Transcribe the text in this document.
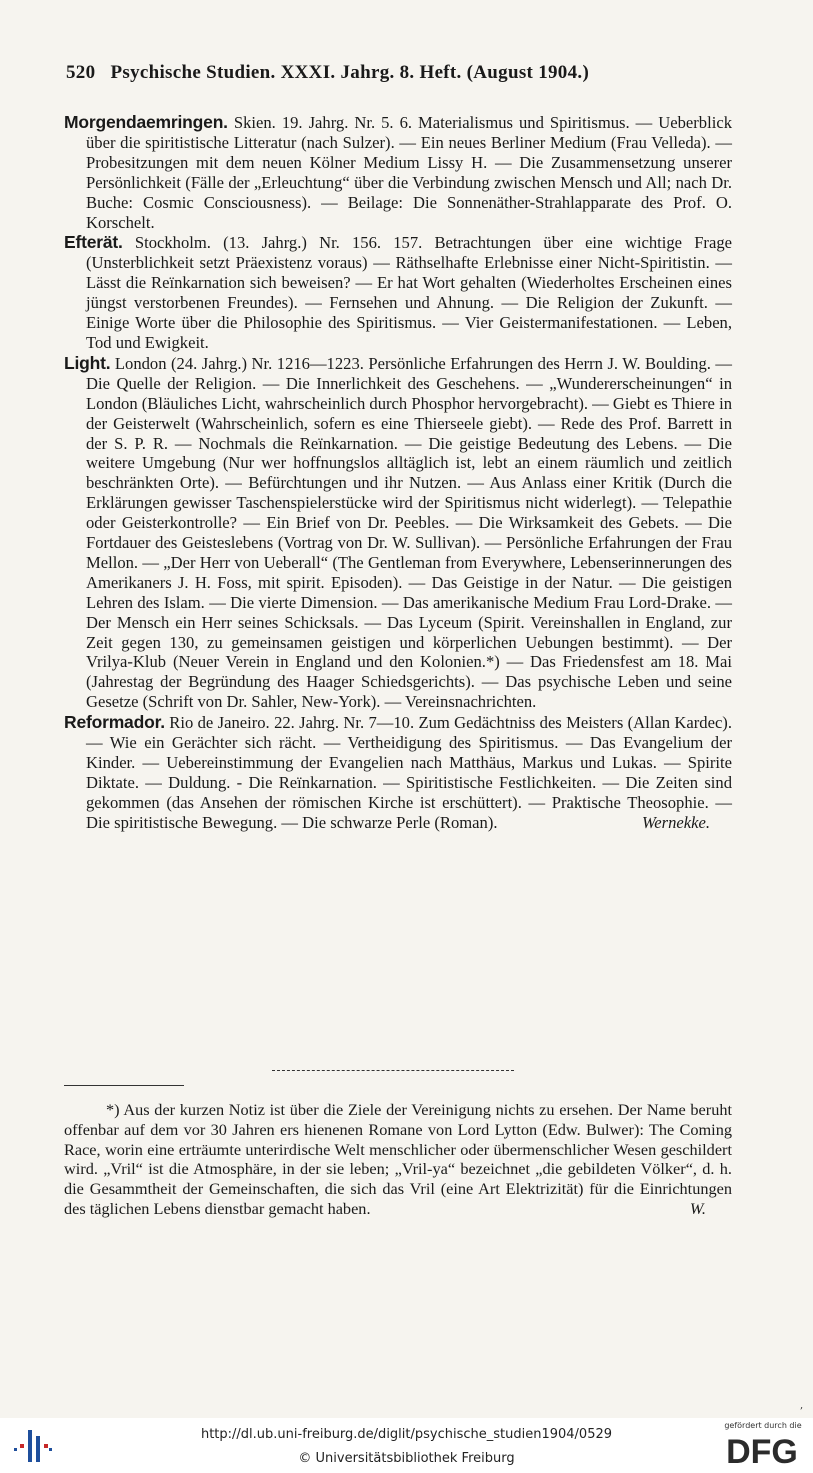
520 Psychische Studien. XXXI. Jahrg. 8. Heft. (August 1904.)

Morgendaemringen. Skien. 19. Jahrg. Nr. 5. 6. Materialismus und Spiritismus. — Ueberblick über die spiritistische Litteratur (nach Sulzer). — Ein neues Berliner Medium (Frau Velleda). — Probesitzungen mit dem neuen Kölner Medium Lissy H. — Die Zusammensetzung unserer Persönlichkeit (Fälle der „Erleuchtung“ über die Verbindung zwischen Mensch und All; nach Dr. Buche: Cosmic Consciousness). — Beilage: Die Sonnenäther-Strahlapparate des Prof. O. Korschelt.

Efterät. Stockholm. (13. Jahrg.) Nr. 156. 157. Betrachtungen über eine wichtige Frage (Unsterblichkeit setzt Präexistenz voraus) — Räthselhafte Erlebnisse einer Nicht-Spiritistin. — Lässt die Reïnkarnation sich beweisen? — Er hat Wort gehalten (Wiederholtes Erscheinen eines jüngst verstorbenen Freundes). — Fernsehen und Ahnung. — Die Religion der Zukunft. — Einige Worte über die Philosophie des Spiritismus. — Vier Geistermanifestationen. — Leben, Tod und Ewigkeit.

Light. London (24. Jahrg.) Nr. 1216—1223. Persönliche Erfahrungen des Herrn J. W. Boulding. — Die Quelle der Religion. — Die Innerlichkeit des Geschehens. — „Wundererscheinungen“ in London (Bläuliches Licht, wahrscheinlich durch Phosphor hervorgebracht). — Giebt es Thiere in der Geisterwelt (Wahrscheinlich, sofern es eine Thierseele giebt). — Rede des Prof. Barrett in der S. P. R. — Nochmals die Reïnkarnation. — Die geistige Bedeutung des Lebens. — Die weitere Umgebung (Nur wer hoffnungslos alltäglich ist, lebt an einem räumlich und zeitlich beschränkten Orte). — Befürchtungen und ihr Nutzen. — Aus Anlass einer Kritik (Durch die Erklärungen gewisser Taschenspielerstücke wird der Spiritismus nicht widerlegt). — Telepathie oder Geisterkontrolle? — Ein Brief von Dr. Peebles. — Die Wirksamkeit des Gebets. — Die Fortdauer des Geisteslebens (Vortrag von Dr. W. Sullivan). — Persönliche Erfahrungen der Frau Mellon. — „Der Herr von Ueberall“ (The Gentleman from Everywhere, Lebenserinnerungen des Amerikaners J. H. Foss, mit spirit. Episoden). — Das Geistige in der Natur. — Die geistigen Lehren des Islam. — Die vierte Dimension. — Das amerikanische Medium Frau Lord-Drake. — Der Mensch ein Herr seines Schicksals. — Das Lyceum (Spirit. Vereinshallen in England, zur Zeit gegen 130, zu gemeinsamen geistigen und körperlichen Uebungen bestimmt). — Der Vrilya-Klub (Neuer Verein in England und den Kolonien.*) — Das Friedensfest am 18. Mai (Jahrestag der Begründung des Haager Schiedsgerichts). — Das psychische Leben und seine Gesetze (Schrift von Dr. Sahler, New-York). — Vereinsnachrichten.

Reformador. Rio de Janeiro. 22. Jahrg. Nr. 7—10. Zum Gedächtniss des Meisters (Allan Kardec). — Wie ein Gerächter sich rächt. — Vertheidigung des Spiritismus. — Das Evangelium der Kinder. — Uebereinstimmung der Evangelien nach Matthäus, Markus und Lukas. — Spirite Diktate. — Duldung. - Die Reïnkarnation. — Spiritistische Festlichkeiten. — Die Zeiten sind gekommen (das Ansehen der römischen Kirche ist erschüttert). — Praktische Theosophie. — Die spiritistische Bewegung. — Die schwarze Perle (Roman).	Wernekke.

*) Aus der kurzen Notiz ist über die Ziele der Vereinigung nichts zu ersehen. Der Name beruht offenbar auf dem vor 30 Jahren ers hienenen Romane von Lord Lytton (Edw. Bulwer): The Coming Race, worin eine erträumte unterirdische Welt menschlicher oder übermenschlicher Wesen geschildert wird. „Vril“ ist die Atmosphäre, in der sie leben; „Vril-ya“ bezeichnet „die gebildeten Völker“, d. h. die Gesammtheit der Gemeinschaften, die sich das Vril (eine Art Elektrizität) für die Einrichtungen des täglichen Lebens dienstbar gemacht haben.	W.

,
http://dl.ub.uni-freiburg.de/diglit/psychische_studien1904/0529
© Universitätsbibliothek Freiburg
gefördert durch die
DFG
